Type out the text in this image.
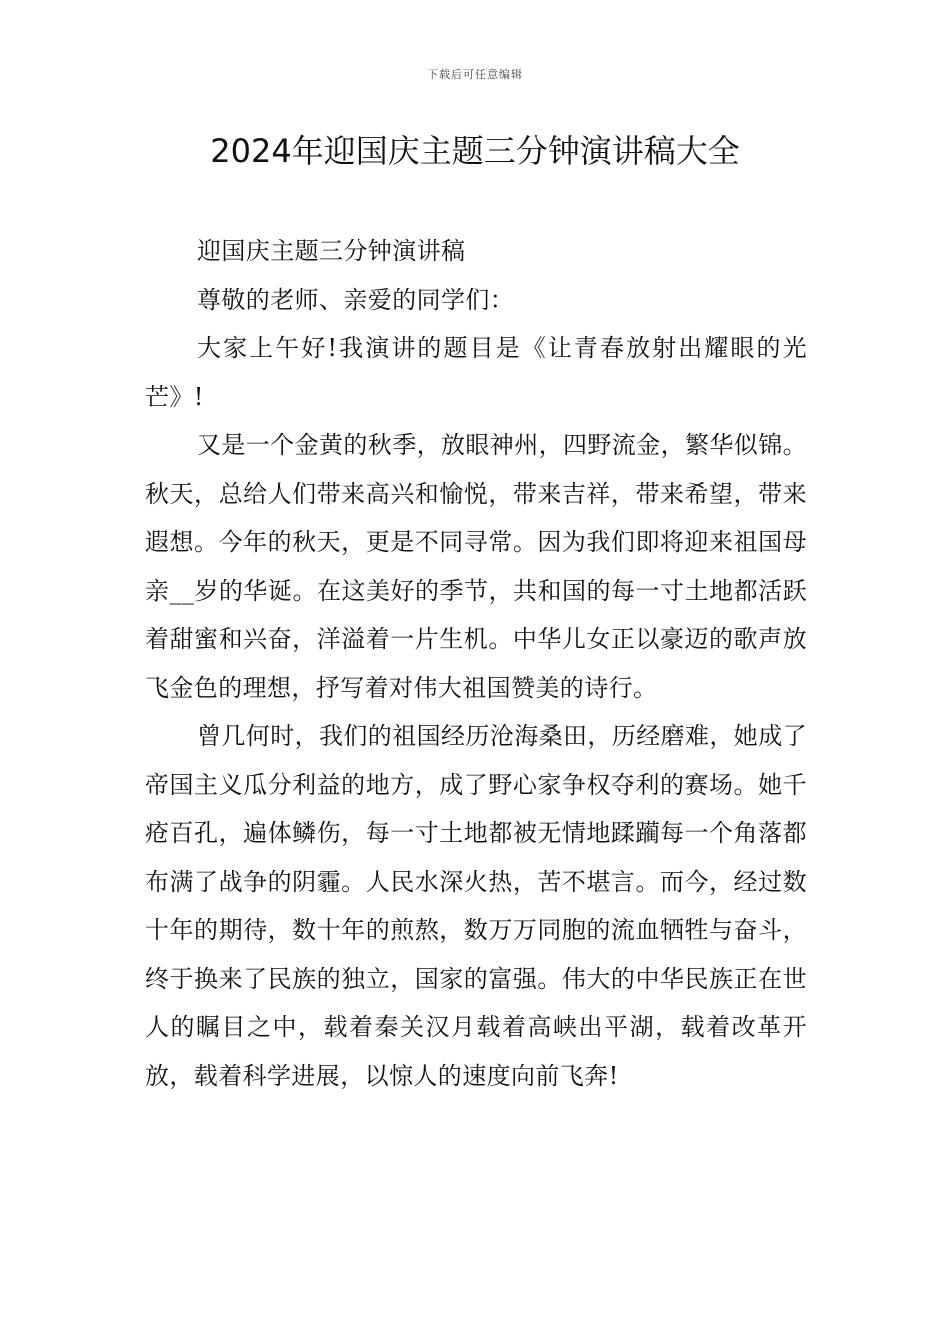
下载后可任意编辑
2024年迎国庆主题三分钟演讲稿大全

迎国庆主题三分钟演讲稿

尊敬的老师、亲爱的同学们：

大家上午好!我演讲的题目是《让青春放射出耀眼的光芒》!

又是一个金黄的秋季，放眼神州，四野流金，繁华似锦。秋天，总给人们带来高兴和愉悦，带来吉祥，带来希望，带来遐想。今年的秋天，更是不同寻常。因为我们即将迎来祖国母亲__岁的华诞。在这美好的季节，共和国的每一寸土地都活跃着甜蜜和兴奋，洋溢着一片生机。中华儿女正以豪迈的歌声放飞金色的理想，抒写着对伟大祖国赞美的诗行。

曾几何时，我们的祖国经历沧海桑田，历经磨难，她成了帝国主义瓜分利益的地方，成了野心家争权夺利的赛场。她千疮百孔，遍体鳞伤，每一寸土地都被无情地蹂躏每一个角落都布满了战争的阴霾。人民水深火热，苦不堪言。而今，经过数十年的期待，数十年的煎熬，数万万同胞的流血牺牲与奋斗，终于换来了民族的独立，国家的富强。伟大的中华民族正在世人的瞩目之中，载着秦关汉月载着高峡出平湖，载着改革开放，载着科学进展，以惊人的速度向前飞奔!
